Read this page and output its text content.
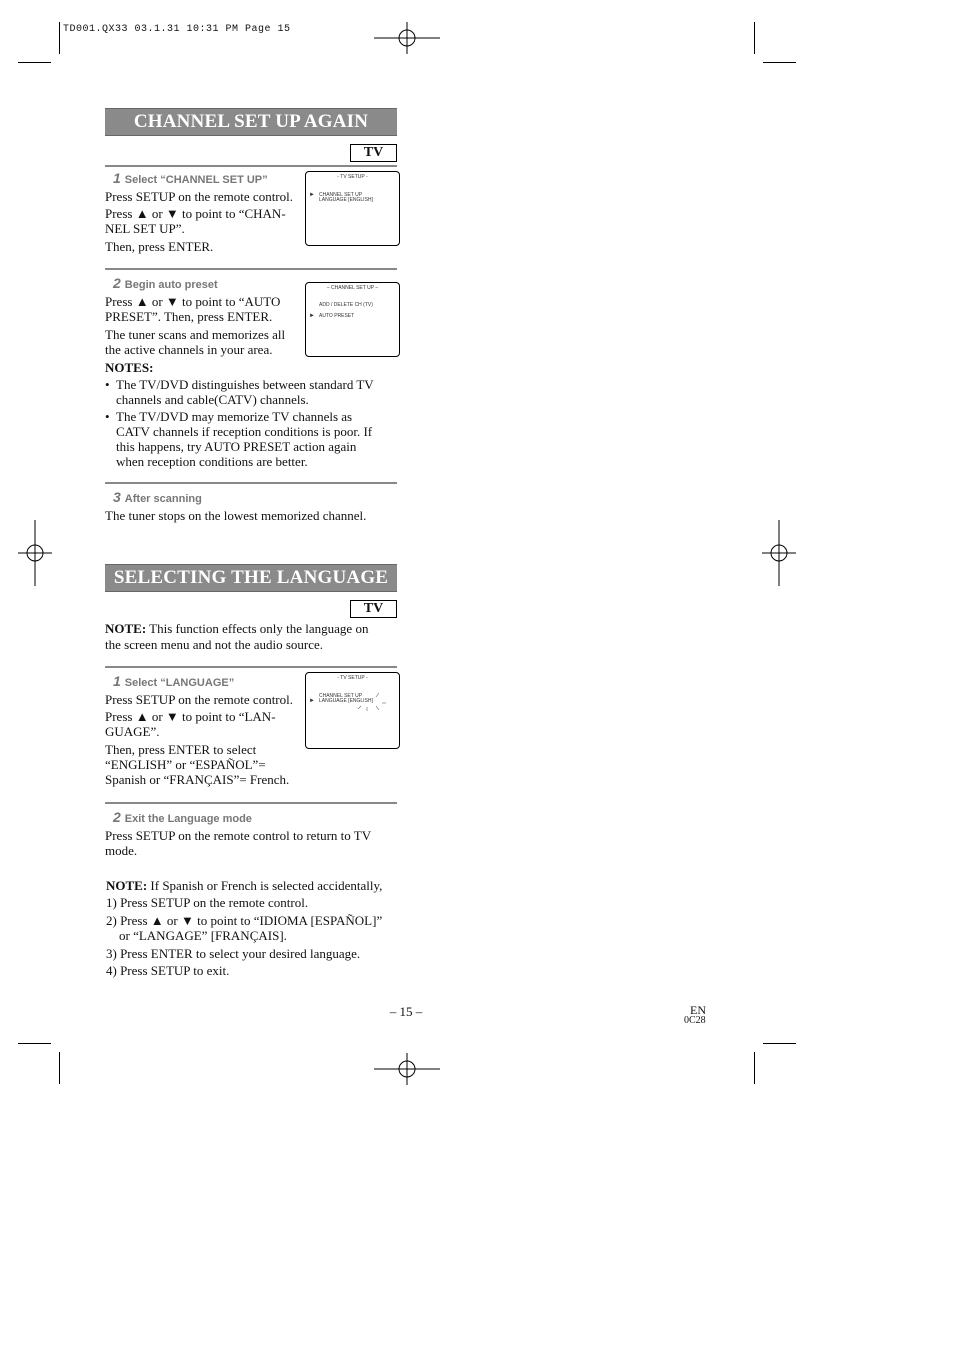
TD001.QX33 03.1.31 10:31 PM Page 15
CHANNEL SET UP AGAIN
TV
1 Select “CHANNEL SET UP”
Press SETUP on the remote control.
Press ▲ or ▼ to point to “CHAN-
NEL SET UP”.
Then, press ENTER.
- TV SETUP -
► CHANNEL SET UP
LANGUAGE [ENGLISH]
2 Begin auto preset
Press ▲ or ▼ to point to “AUTO
PRESET”. Then, press ENTER.
The tuner scans and memorizes all
the active channels in your area.
– CHANNEL SET UP –
ADD / DELETE CH (TV)
► AUTO PRESET
NOTES:
• The TV/DVD distinguishes between standard TV
channels and cable(CATV) channels.
• The TV/DVD may memorize TV channels as
CATV channels if reception conditions is poor. If
this happens, try AUTO PRESET action again
when reception conditions are better.
3 After scanning
The tuner stops on the lowest memorized channel.
SELECTING THE LANGUAGE
TV
NOTE: This function effects only the language on
the screen menu and not the audio source.
1 Select “LANGUAGE”
Press SETUP on the remote control.
Press ▲ or ▼ to point to “LAN-
GUAGE”.
Then, press ENTER to select
“ENGLISH” or “ESPAÑOL”=
Spanish or “FRANÇAIS”= French.
- TV SETUP -
CHANNEL SET UP
► LANGUAGE [ENGLISH]
2 Exit the Language mode
Press SETUP on the remote control to return to TV
mode.
NOTE: If Spanish or French is selected accidentally,
1) Press SETUP on the remote control.
2) Press ▲ or ▼ to point to “IDIOMA [ESPAÑOL]”
or “LANGAGE” [FRANÇAIS].
3) Press ENTER to select your desired language.
4) Press SETUP to exit.
– 15 –	EN
0C28
